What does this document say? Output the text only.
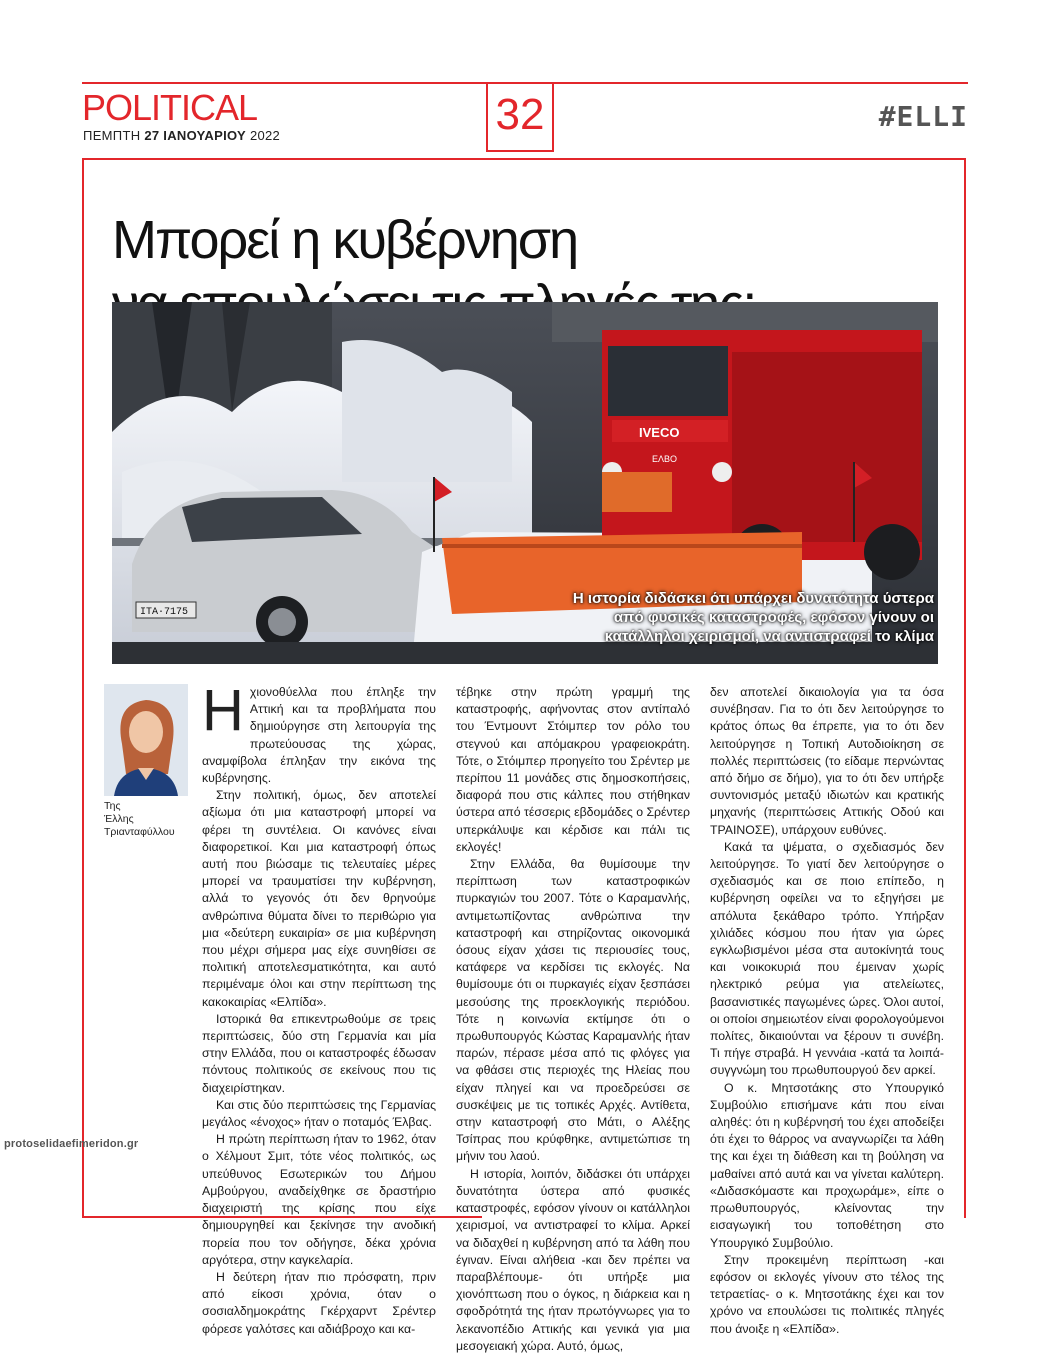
POLITICAL
ΠΕΜΠΤΗ 27 ΙΑΝΟΥΑΡΙΟΥ 2022	32	#ELLI
Μπορεί η κυβέρνηση
ΙΤΑ·7175
IVECO
ΕΛΒΟ
Η ιστορία διδάσκει ότι υπάρχει δυνατότητα ύστερα από φυσικές καταστροφές, εφόσον γίνουν οι κατάλληλοι χειρισμοί, να αντιστραφεί το κλίμα
Της
Έλλης
Τριανταφύλλου

Ηχιονοθύελλα που έπληξε την Αττική και τα προβλήματα που δημιούργησε στη λειτουργία της πρωτεύουσας της χώρας, αναμφίβολα έπληξαν την εικόνα της κυβέρνησης.

Στην πολιτική, όμως, δεν αποτελεί αξίωμα ότι μια καταστροφή μπορεί να φέρει τη συντέλεια. Οι κανόνες είναι διαφορετικοί. Και μια καταστροφή όπως αυτή που βιώσαμε τις τελευταίες μέρες μπορεί να τραυματίσει την κυβέρνηση, αλλά το γεγονός ότι δεν θρηνούμε ανθρώπινα θύματα δίνει το περιθώριο για μια «δεύτερη ευκαιρία» σε μια κυβέρνηση που μέχρι σήμερα μας είχε συνηθίσει σε πολιτική αποτελεσματικότητα, και αυτό περιμέναμε όλοι και στην περίπτωση της κακοκαιρίας «Ελπίδα».

Ιστορικά θα επικεντρωθούμε σε τρεις περιπτώσεις, δύο στη Γερμανία και μία στην Ελλάδα, που οι καταστροφές έδωσαν πόντους πολιτικούς σε εκείνους που τις διαχειρίστηκαν.

Και στις δύο περιπτώσεις της Γερμανίας μεγάλος «ένοχος» ήταν ο ποταμός Έλβας.

Η πρώτη περίπτωση ήταν το 1962, όταν ο Χέλμουτ Σμιτ, τότε νέος πολιτικός, ως υπεύθυνος Εσωτερικών του Δήμου Αμβούργου, αναδείχθηκε σε δραστήριο διαχειριστή της κρίσης που είχε δημιουργηθεί και ξεκίνησε την ανοδική πορεία που τον οδήγησε, δέκα χρόνια αργότερα, στην καγκελαρία.

Η δεύτερη ήταν πιο πρόσφατη, πριν από είκοσι χρόνια, όταν ο σοσιαλδημοκράτης Γκέρχαρντ Σρέντερ φόρεσε γαλότσες και αδιάβροχο και κα-

τέβηκε στην πρώτη γραμμή της καταστροφής, αφήνοντας στον αντίπαλό του Έντμουντ Στόιμπερ τον ρόλο του στεγνού και απόμακρου γραφειοκράτη. Τότε, ο Στόιμπερ προηγείτο του Σρέντερ με περίπου 11 μονάδες στις δημοσκοπήσεις, διαφορά που στις κάλπες που στήθηκαν ύστερα από τέσσερις εβδομάδες ο Σρέντερ υπερκάλυψε και κέρδισε και πάλι τις εκλογές!

Στην Ελλάδα, θα θυμίσουμε την περίπτωση των καταστροφικών πυρκαγιών του 2007. Τότε ο Καραμανλής, αντιμετωπίζοντας ανθρώπινα την καταστροφή και στηρίζοντας οικονομικά όσους είχαν χάσει τις περιουσίες τους, κατάφερε να κερδίσει τις εκλογές. Να θυμίσουμε ότι οι πυρκαγιές είχαν ξεσπάσει μεσούσης της προεκλογικής περιόδου. Τότε η κοινωνία εκτίμησε ότι ο πρωθυπουργός Κώστας Καραμανλής ήταν παρών, πέρασε μέσα από τις φλόγες για να φθάσει στις περιοχές της Ηλείας που είχαν πληγεί και να προεδρεύσει σε συσκέψεις με τις τοπικές Αρχές. Αντίθετα, στην καταστροφή στο Μάτι, ο Αλέξης Τσίπρας που κρύφθηκε, αντιμετώπισε τη μήνιν του λαού.

Η ιστορία, λοιπόν, διδάσκει ότι υπάρχει δυνατότητα ύστερα από φυσικές καταστροφές, εφόσον γίνουν οι κατάλληλοι χειρισμοί, να αντιστραφεί το κλίμα. Αρκεί να διδαχθεί η κυβέρνηση από τα λάθη που έγιναν. Είναι αλήθεια -και δεν πρέπει να παραβλέπουμε- ότι υπήρξε μια χιονόπτωση που ο όγκος, η διάρκεια και η σφοδρότητά της ήταν πρωτόγνωρες για το λεκανοπέδιο Αττικής και γενικά για μια μεσογειακή χώρα. Αυτό, όμως,

δεν αποτελεί δικαιολογία για τα όσα συνέβησαν. Για το ότι δεν λειτούργησε το κράτος όπως θα έπρεπε, για το ότι δεν λειτούργησε η Τοπική Αυτοδιοίκηση σε πολλές περιπτώσεις (το είδαμε περνώντας από δήμο σε δήμο), για το ότι δεν υπήρξε συντονισμός μεταξύ ιδιωτών και κρατικής μηχανής (περιπτώσεις Αττικής Οδού και ΤΡΑΙΝΟΣΕ), υπάρχουν ευθύνες.

Κακά τα ψέματα, ο σχεδιασμός δεν λειτούργησε. Το γιατί δεν λειτούργησε ο σχεδιασμός και σε ποιο επίπεδο, η κυβέρνηση οφείλει να το εξηγήσει με απόλυτα ξεκάθαρο τρόπο. Υπήρξαν χιλιάδες κόσμου που ήταν για ώρες εγκλωβισμένοι μέσα στα αυτοκίνητά τους και νοικοκυριά που έμειναν χωρίς ηλεκτρικό ρεύμα για ατελείωτες, βασανιστικές παγωμένες ώρες. Όλοι αυτοί, οι οποίοι σημειωτέον είναι φορολογούμενοι πολίτες, δικαιούνται να ξέρουν τι συνέβη. Τι πήγε στραβά. Η γεννάια -κατά τα λοιπά- συγγνώμη του πρωθυπουργού δεν αρκεί.

Ο κ. Μητσοτάκης στο Υπουργικό Συμβούλιο επισήμανε κάτι που είναι αληθές: ότι η κυβέρνησή του έχει αποδείξει ότι έχει το θάρρος να αναγνωρίζει τα λάθη της και έχει τη διάθεση και τη βούληση να μαθαίνει από αυτά και να γίνεται καλύτερη. «Διδασκόμαστε και προχωράμε», είπε ο πρωθυπουργός, κλείνοντας την εισαγωγική του τοποθέτηση στο Υπουργικό Συμβούλιο.

Στην προκειμένη περίπτωση -και εφόσον οι εκλογές γίνουν στο τέλος της τετραετίας- ο κ. Μητσοτάκης έχει και τον χρόνο να επουλώσει τις πολιτικές πληγές που άνοιξε η «Ελπίδα».

protoselidaefimeridon.gr
